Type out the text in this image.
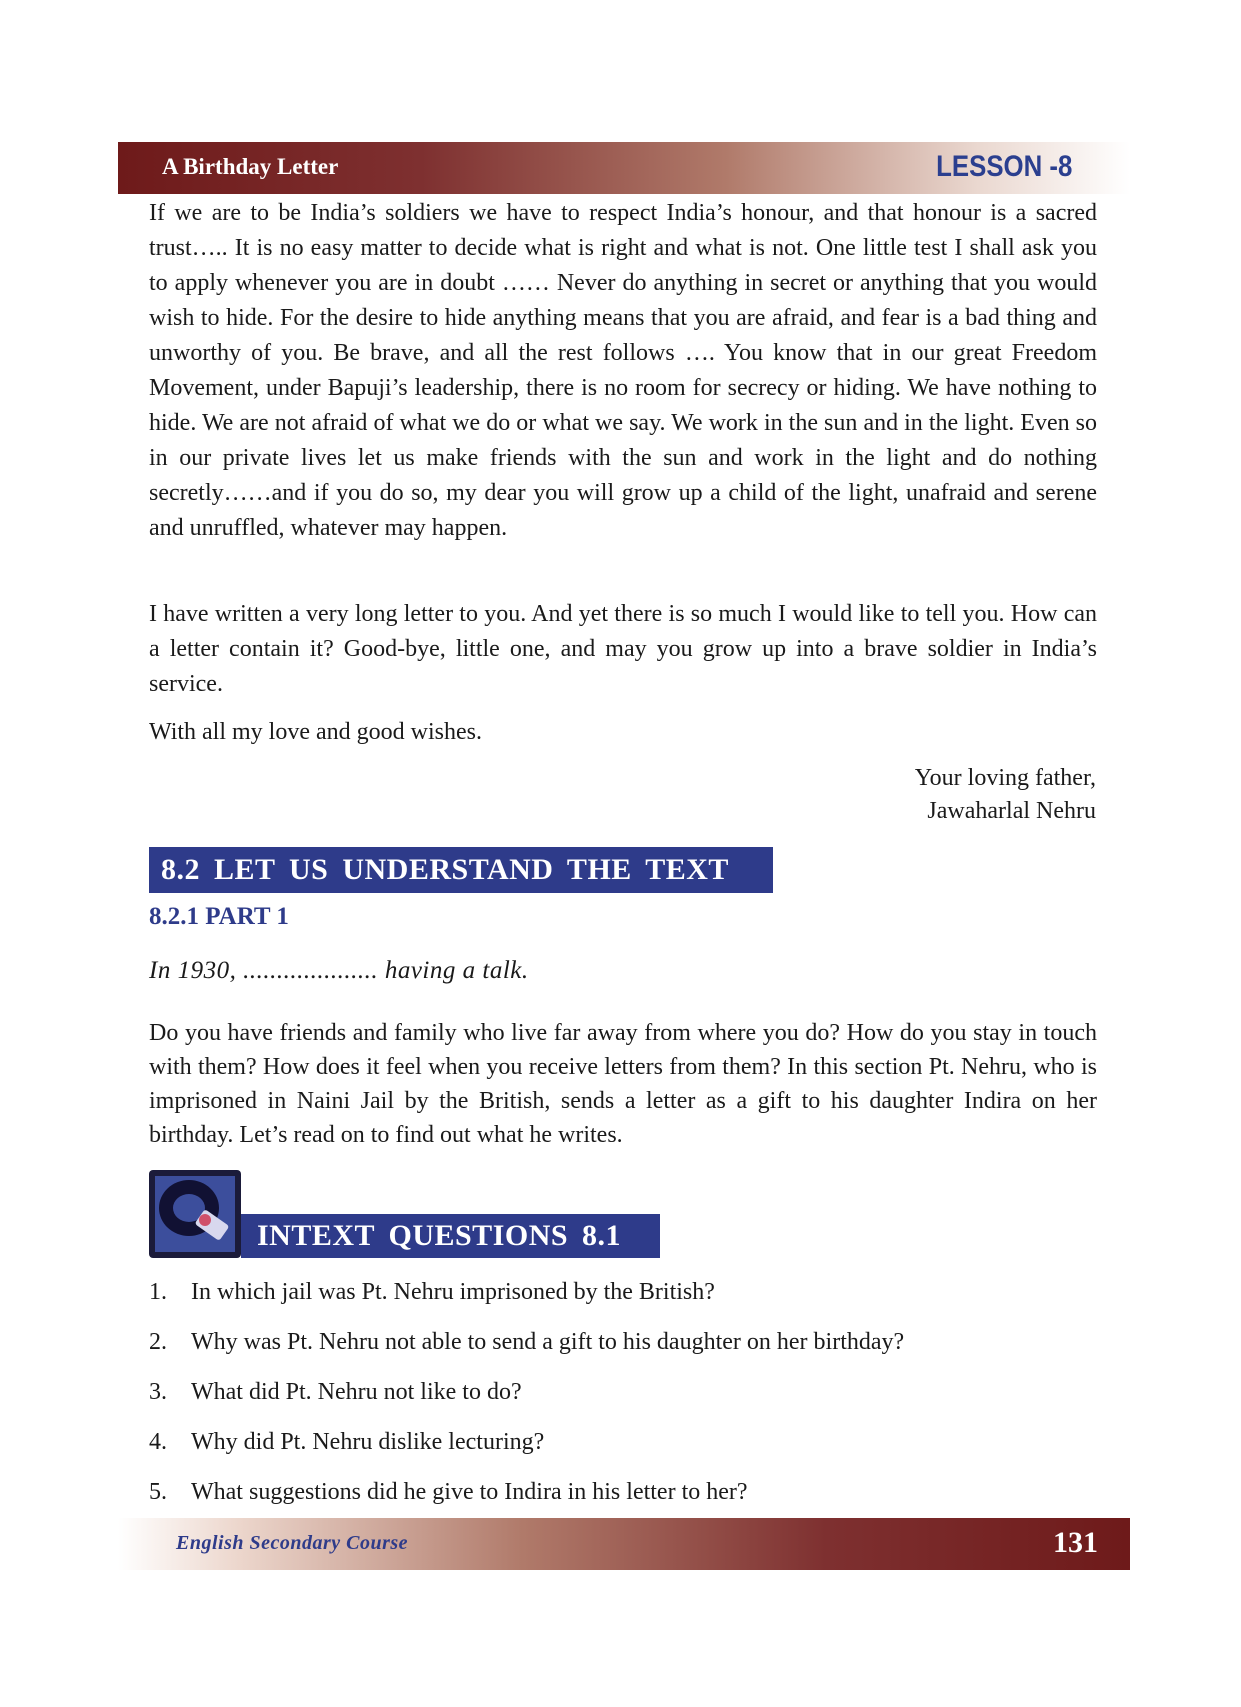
A Birthday Letter	LESSON -8

If we are to be India’s soldiers we have to respect India’s honour, and that honour is a sacred trust….. It is no easy matter to decide what is right and what is not. One little test I shall ask you to apply whenever you are in doubt …… Never do anything in secret or anything that you would wish to hide. For the desire to hide anything means that you are afraid, and fear is a bad thing and unworthy of you. Be brave, and all the rest follows …. You know that in our great Freedom Movement, under Bapuji’s leadership, there is no room for secrecy or hiding. We have nothing to hide. We are not afraid of what we do or what we say. We work in the sun and in the light. Even so in our private lives let us make friends with the sun and work in the light and do nothing secretly……and if you do so, my dear you will grow up a child of the light, unafraid and serene and unruffled, whatever may happen.

I have written a very long letter to you. And yet there is so much I would like to tell you. How can a letter contain it? Good-bye, little one, and may you grow up into a brave soldier in India’s service.

With all my love and good wishes.

Your loving father,
Jawaharlal Nehru
8.2 LET US UNDERSTAND THE TEXT
8.2.1 PART 1
In 1930, .................... having a talk.

Do you have friends and family who live far away from where you do? How do you stay in touch with them? How does it feel when you receive letters from them? In this section Pt. Nehru, who is imprisoned in Naini Jail by the British, sends a letter as a gift to his daughter Indira on her birthday. Let’s read on to find out what he writes.

INTEXT QUESTIONS 8.1
1. In which jail was Pt. Nehru imprisoned by the British?
2. Why was Pt. Nehru not able to send a gift to his daughter on her birthday?
3. What did Pt. Nehru not like to do?
4. Why did Pt. Nehru dislike lecturing?
5. What suggestions did he give to Indira in his letter to her?
English Secondary Course	131
